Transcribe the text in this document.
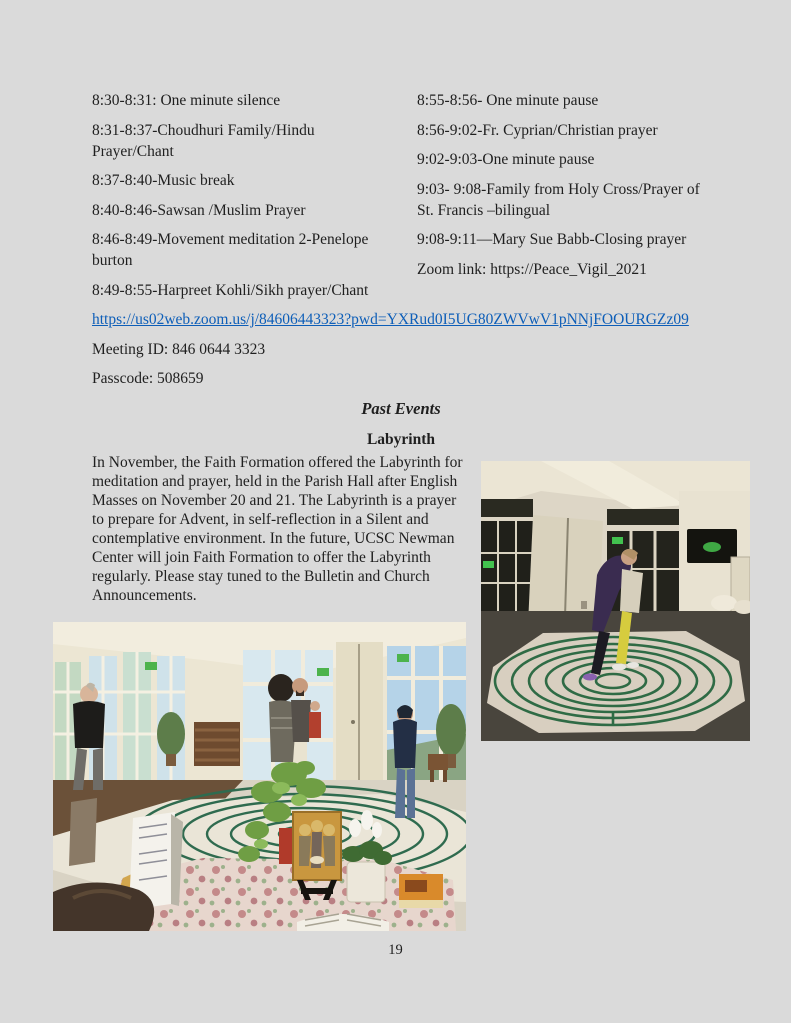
8:30-8:31: One minute silence

8:31-8:37-Choudhuri Family/Hindu Prayer/Chant

8:37-8:40-Music break

8:40-8:46-Sawsan /Muslim Prayer

8:46-8:49-Movement meditation 2-Penelope burton

8:49-8:55-Harpreet Kohli/Sikh prayer/Chant

8:55-8:56- One minute pause

8:56-9:02-Fr. Cyprian/Christian prayer

9:02-9:03-One minute pause

9:03- 9:08-Family from Holy Cross/Prayer of St. Francis –bilingual

9:08-9:11—Mary Sue Babb-Closing prayer

Zoom link: https://Peace_Vigil_2021

https://us02web.zoom.us/j/84606443323?pwd=YXRud0I5UG80ZWVwV1pNNjFOOURGZz09

Meeting ID: 846 0644 3323

Passcode: 508659

Past Events
Labyrinth

In November, the Faith Formation offered the Labyrinth for meditation and prayer, held in the Parish Hall after English Masses on November 20 and 21. The Labyrinth is a prayer to prepare for Advent, in self-reflection in a Silent and contemplative environment. In the future, UCSC Newman Center will join Faith Formation to offer the Labyrinth regularly. Please stay tuned to the Bulletin and Church Announcements.

19
